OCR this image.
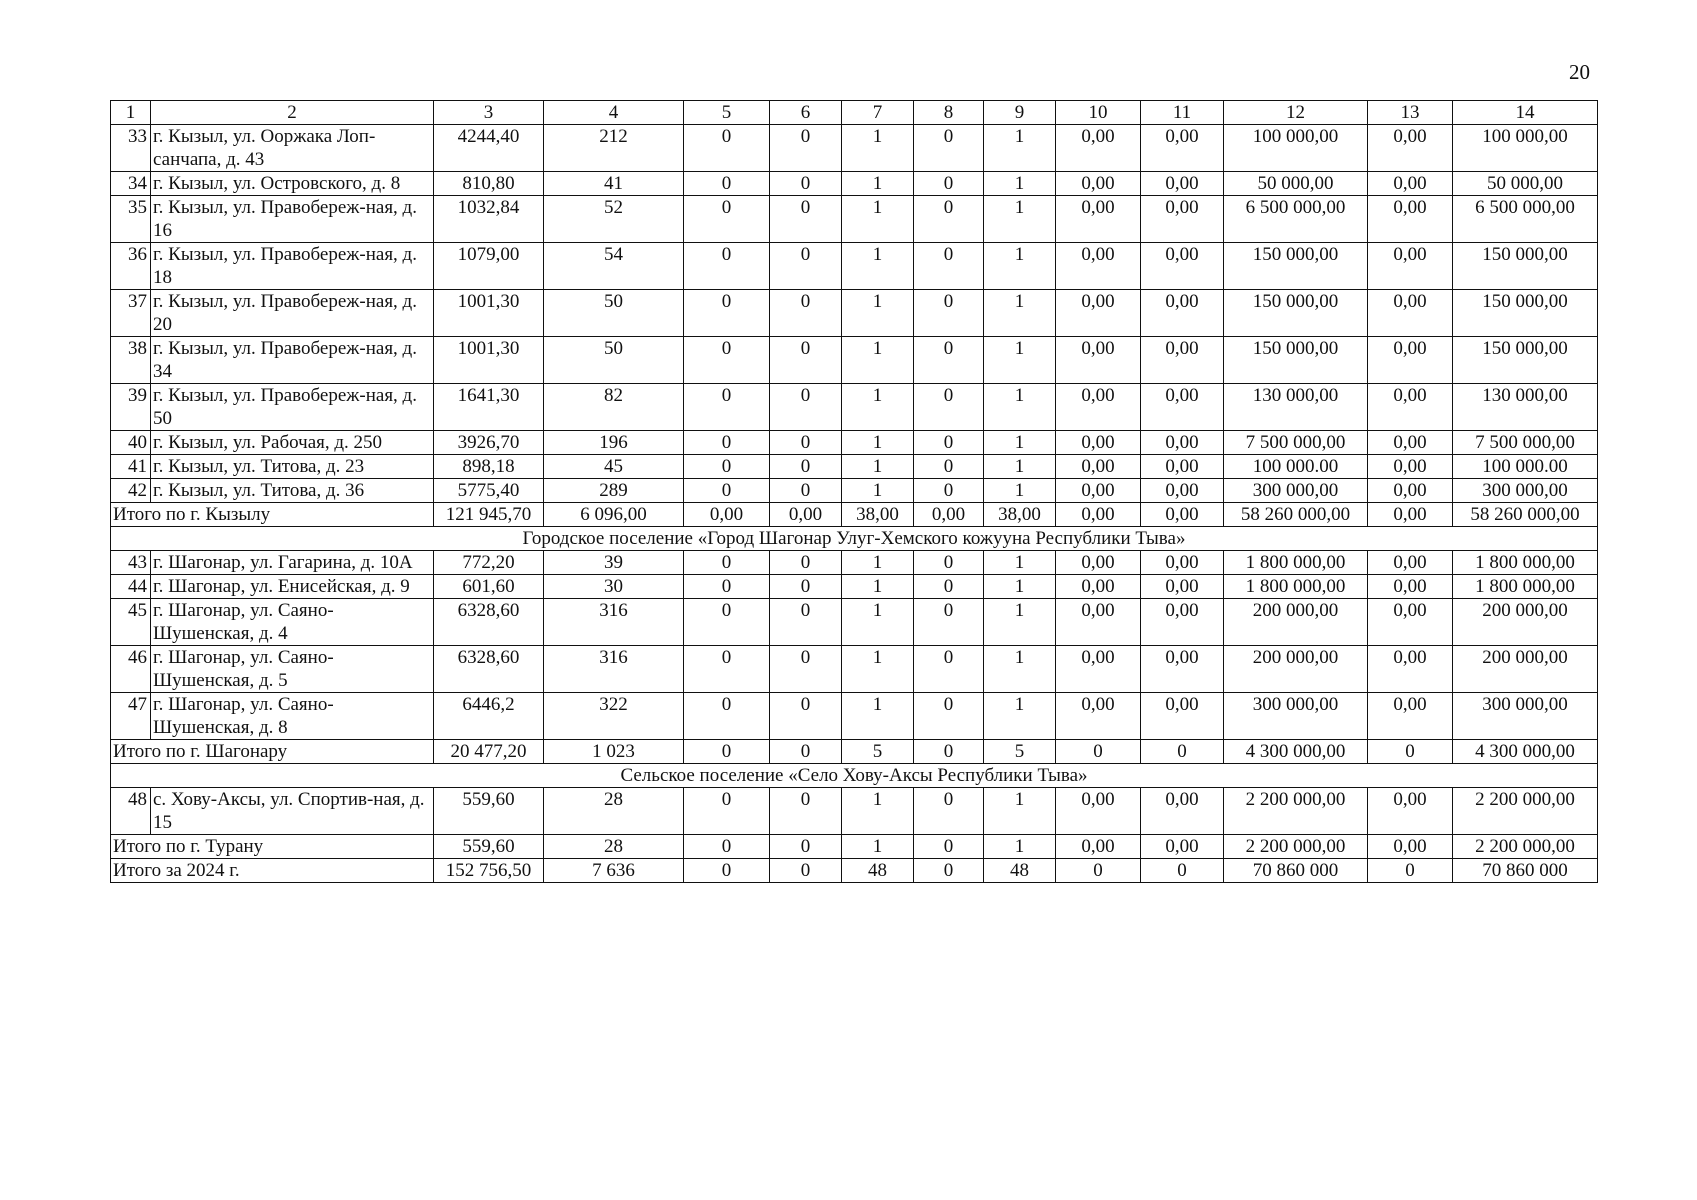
20
1	2	3	4	5	6	7	8	9	10	11	12	13	14
33	г. Кызыл, ул. Ооржака Лоп-санчапа, д. 43	4244,40	212	0	0	1	0	1	0,00	0,00	100 000,00	0,00	100 000,00
34	г. Кызыл, ул. Островского, д. 8	810,80	41	0	0	1	0	1	0,00	0,00	50 000,00	0,00	50 000,00
35	г. Кызыл, ул. Правобереж-ная, д. 16	1032,84	52	0	0	1	0	1	0,00	0,00	6 500 000,00	0,00	6 500 000,00
36	г. Кызыл, ул. Правобереж-ная, д. 18	1079,00	54	0	0	1	0	1	0,00	0,00	150 000,00	0,00	150 000,00
37	г. Кызыл, ул. Правобереж-ная, д. 20	1001,30	50	0	0	1	0	1	0,00	0,00	150 000,00	0,00	150 000,00
38	г. Кызыл, ул. Правобереж-ная, д. 34	1001,30	50	0	0	1	0	1	0,00	0,00	150 000,00	0,00	150 000,00
39	г. Кызыл, ул. Правобереж-ная, д. 50	1641,30	82	0	0	1	0	1	0,00	0,00	130 000,00	0,00	130 000,00
40	г. Кызыл, ул. Рабочая, д. 250	3926,70	196	0	0	1	0	1	0,00	0,00	7 500 000,00	0,00	7 500 000,00
41	г. Кызыл, ул. Титова, д. 23	898,18	45	0	0	1	0	1	0,00	0,00	100 000.00	0,00	100 000.00
42	г. Кызыл, ул. Титова, д. 36	5775,40	289	0	0	1	0	1	0,00	0,00	300 000,00	0,00	300 000,00
Итого по г. Кызылу		121 945,70	6 096,00	0,00	0,00	38,00	0,00	38,00	0,00	0,00	58 260 000,00	0,00	58 260 000,00
Городское поселение «Город Шагонар Улуг-Хемского кожууна Республики Тыва»													
43	г. Шагонар, ул. Гагарина, д. 10А	772,20	39	0	0	1	0	1	0,00	0,00	1 800 000,00	0,00	1 800 000,00
44	г. Шагонар, ул. Енисейская, д. 9	601,60	30	0	0	1	0	1	0,00	0,00	1 800 000,00	0,00	1 800 000,00
45	г. Шагонар, ул. Саяно-Шушенская, д. 4	6328,60	316	0	0	1	0	1	0,00	0,00	200 000,00	0,00	200 000,00
46	г. Шагонар, ул. Саяно-Шушенская, д. 5	6328,60	316	0	0	1	0	1	0,00	0,00	200 000,00	0,00	200 000,00
47	г. Шагонар, ул. Саяно-Шушенская, д. 8	6446,2	322	0	0	1	0	1	0,00	0,00	300 000,00	0,00	300 000,00
Итого по г. Шагонару		20 477,20	1 023	0	0	5	0	5	0	0	4 300 000,00	0	4 300 000,00
Сельское поселение «Село Хову-Аксы Республики Тыва»													
48	с. Хову-Аксы, ул. Спортив-ная, д. 15	559,60	28	0	0	1	0	1	0,00	0,00	2 200 000,00	0,00	2 200 000,00
Итого по г. Турану		559,60	28	0	0	1	0	1	0,00	0,00	2 200 000,00	0,00	2 200 000,00
Итого за 2024 г.		152 756,50	7 636	0	0	48	0	48	0	0	70 860 000	0	70 860 000
